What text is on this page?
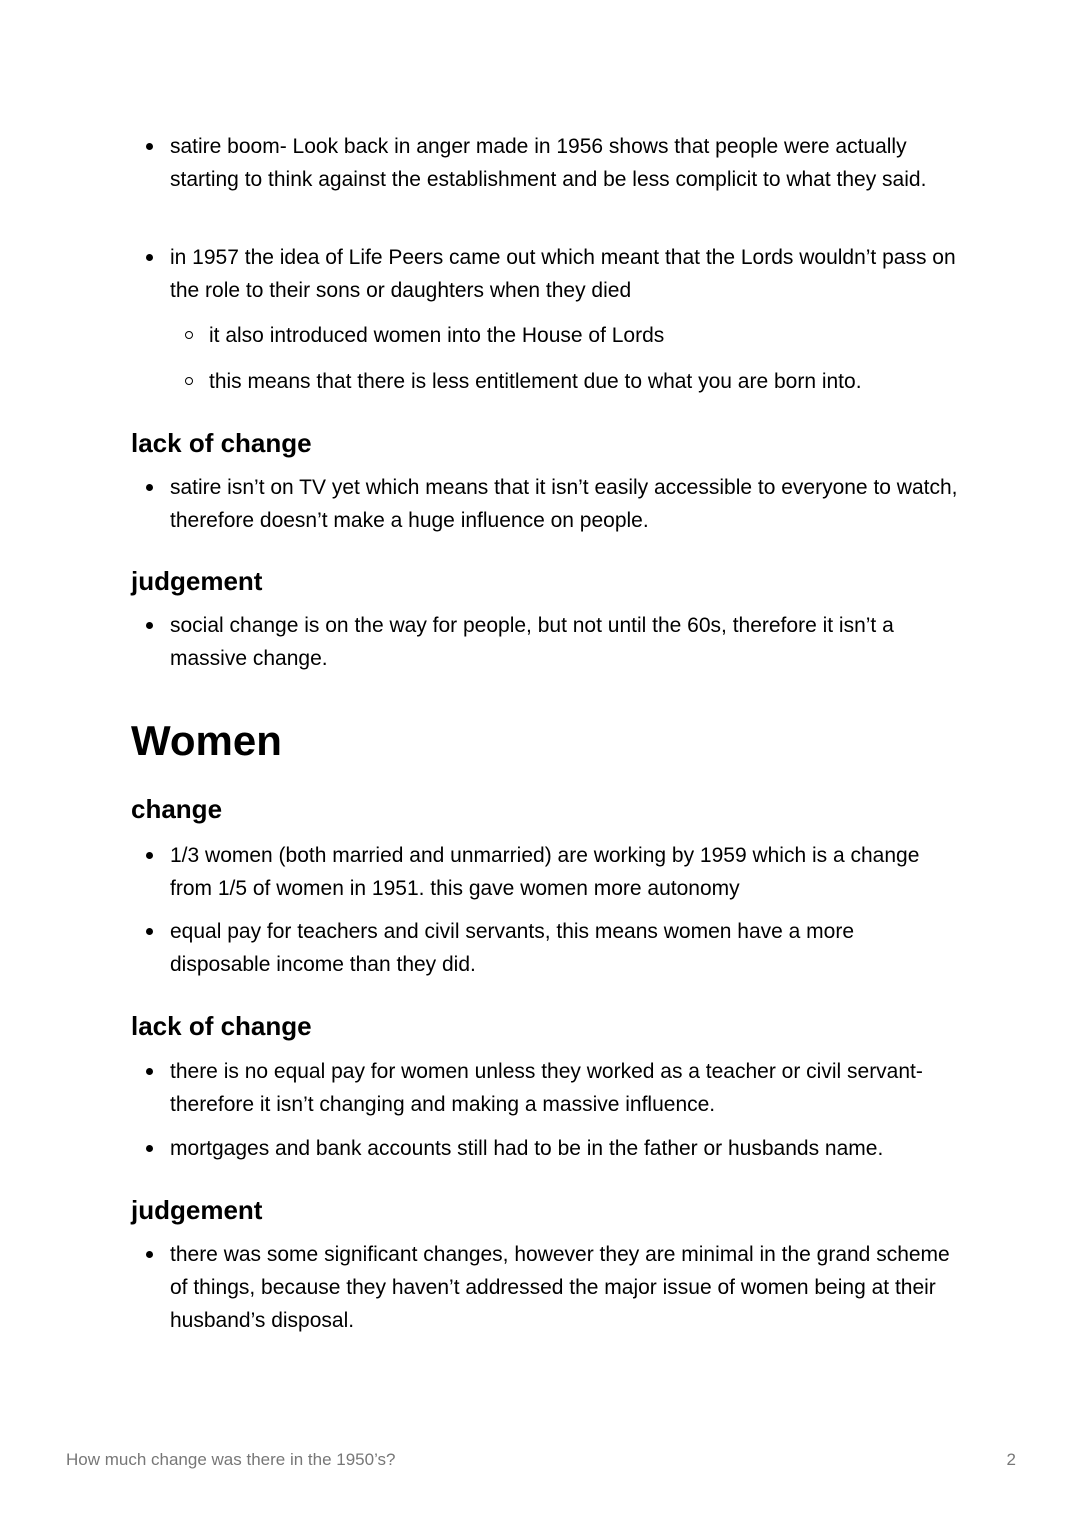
satire boom- Look back in anger made in 1956 shows that people were actually starting to think against the establishment and be less complicit to what they said.
in 1957 the idea of Life Peers came out which meant that the Lords wouldn’t pass on the role to their sons or daughters when they died
it also introduced women into the House of Lords
this means that there is less entitlement due to what you are born into.
lack of change
satire isn’t on TV yet which means that it isn’t easily accessible to everyone to watch, therefore doesn’t make a huge influence on people.
judgement
social change is on the way for people, but not until the 60s, therefore it isn’t a massive change.
Women
change
1/3 women (both married and unmarried) are working by 1959 which is a change from 1/5 of women in 1951. this gave women more autonomy
equal pay for teachers and civil servants, this means women have a more disposable income than they did.
lack of change
there is no equal pay for women unless they worked as a teacher or civil servant- therefore it isn’t changing and making a massive influence.
mortgages and bank accounts still had to be in the father or husbands name.
judgement
there was some significant changes, however they are minimal in the grand scheme of things, because they haven’t addressed the major issue of women being at their husband’s disposal.
How much change was there in the 1950’s?	2
